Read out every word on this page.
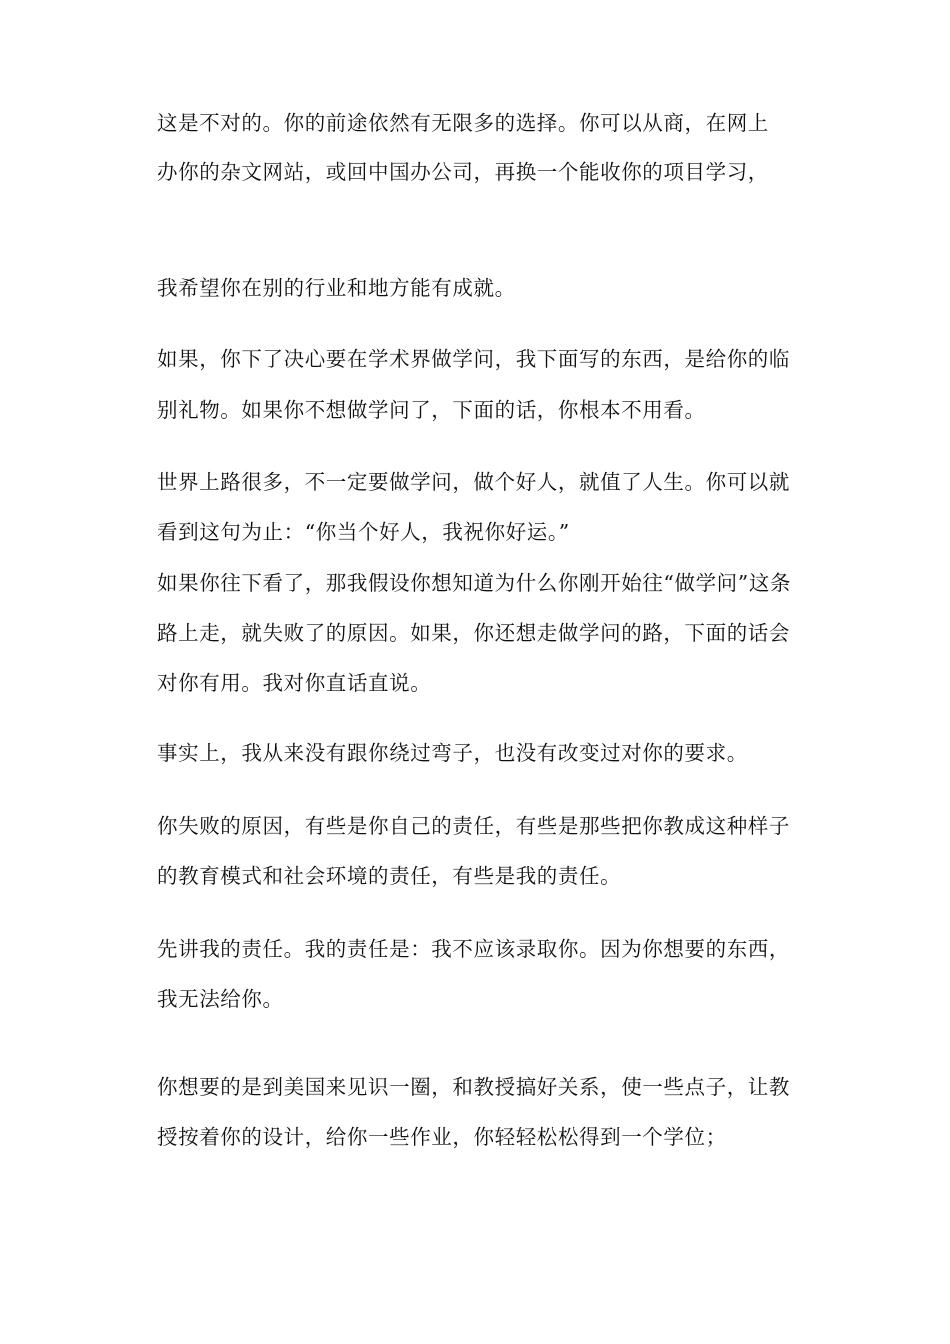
这是不对的。你的前途依然有无限多的选择。你可以从商，在网上
办你的杂文网站，或回中国办公司，再换一个能收你的项目学习，
我希望你在别的行业和地方能有成就。
如果，你下了决心要在学术界做学问，我下面写的东西，是给你的临
别礼物。如果你不想做学问了，下面的话，你根本不用看。
世界上路很多，不一定要做学问，做个好人，就值了人生。你可以就
看到这句为止：“你当个好人，我祝你好运。”
如果你往下看了，那我假设你想知道为什么你刚开始往“做学问”这条
路上走，就失败了的原因。如果，你还想走做学问的路，下面的话会
对你有用。我对你直话直说。
事实上，我从来没有跟你绕过弯子，也没有改变过对你的要求。
你失败的原因，有些是你自己的责任，有些是那些把你教成这种样子
的教育模式和社会环境的责任，有些是我的责任。
先讲我的责任。我的责任是：我不应该录取你。因为你想要的东西，
我无法给你。
你想要的是到美国来见识一圈，和教授搞好关系，使一些点子，让教
授按着你的设计，给你一些作业，你轻轻松松得到一个学位；
